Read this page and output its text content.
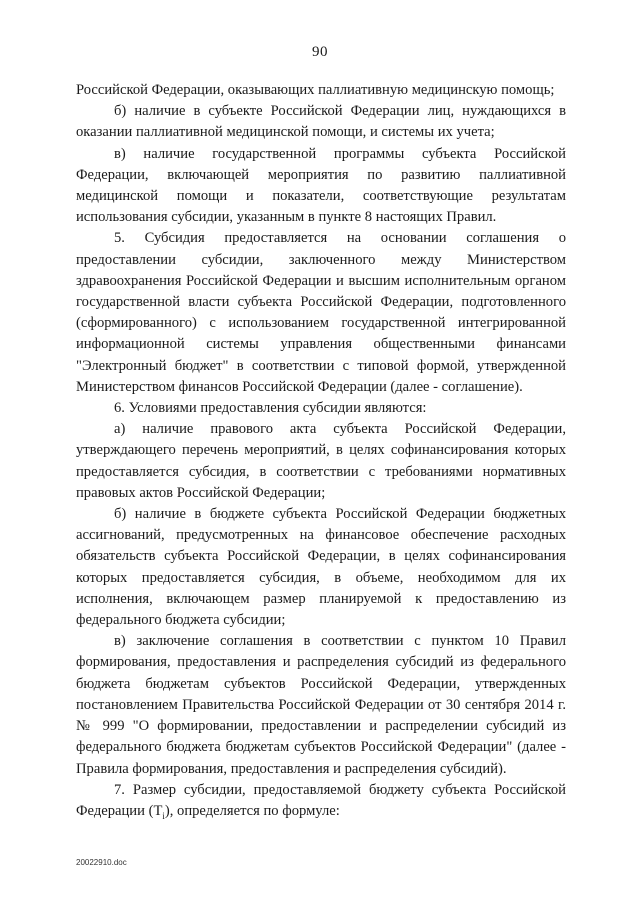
90

Российской Федерации, оказывающих паллиативную медицинскую помощь;

б) наличие в субъекте Российской Федерации лиц, нуждающихся в оказании паллиативной медицинской помощи, и системы их учета;

в) наличие государственной программы субъекта Российской Федерации, включающей мероприятия по развитию паллиативной медицинской помощи и показатели, соответствующие результатам использования субсидии, указанным в пункте 8 настоящих Правил.

5. Субсидия предоставляется на основании соглашения о предоставлении субсидии, заключенного между Министерством здравоохранения Российской Федерации и высшим исполнительным органом государственной власти субъекта Российской Федерации, подготовленного (сформированного) с использованием государственной интегрированной информационной системы управления общественными финансами "Электронный бюджет" в соответствии с типовой формой, утвержденной Министерством финансов Российской Федерации (далее - соглашение).

6. Условиями предоставления субсидии являются:

а) наличие правового акта субъекта Российской Федерации, утверждающего перечень мероприятий, в целях софинансирования которых предоставляется субсидия, в соответствии с требованиями нормативных правовых актов Российской Федерации;

б) наличие в бюджете субъекта Российской Федерации бюджетных ассигнований, предусмотренных на финансовое обеспечение расходных обязательств субъекта Российской Федерации, в целях софинансирования которых предоставляется субсидия, в объеме, необходимом для их исполнения, включающем размер планируемой к предоставлению из федерального бюджета субсидии;

в) заключение соглашения в соответствии с пунктом 10 Правил формирования, предоставления и распределения субсидий из федерального бюджета бюджетам субъектов Российской Федерации, утвержденных постановлением Правительства Российской Федерации от 30 сентября 2014 г. № 999 "О формировании, предоставлении и распределении субсидий из федерального бюджета бюджетам субъектов Российской Федерации" (далее - Правила формирования, предоставления и распределения субсидий).

7. Размер субсидии, предоставляемой бюджету субъекта Российской Федерации $(T_i)$, определяется по формуле:

20022910.doc
